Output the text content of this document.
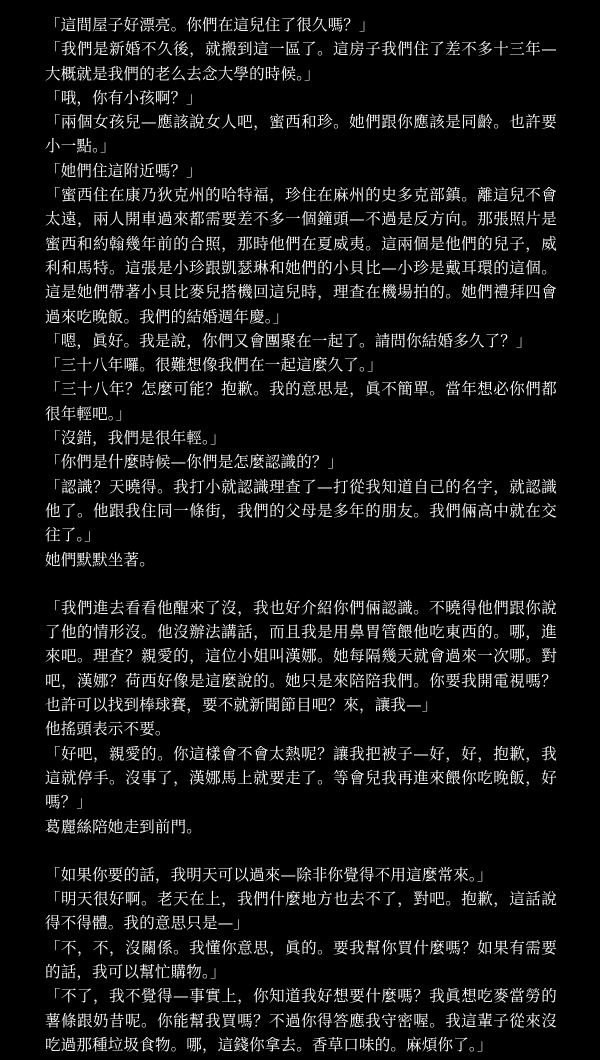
「這間屋子好漂亮。你們在這兒住了很久嗎？」

「我們是新婚不久後，就搬到這一區了。這房子我們住了差不多十三年—大概就是我們的老么去念大學的時候。」

「哦，你有小孩啊？」

「兩個女孩兒—應該說女人吧，蜜西和珍。她們跟你應該是同齡。也許要小一點。」

「她們住這附近嗎？」

「蜜西住在康乃狄克州的哈特福，珍住在麻州的史多克部鎮。離這兒不會太遠，兩人開車過來都需要差不多一個鐘頭—不過是反方向。那張照片是蜜西和約翰幾年前的合照，那時他們在夏威夷。這兩個是他們的兒子，威利和馬特。這張是小珍跟凱瑟琳和她們的小貝比—小珍是戴耳環的這個。這是她們帶著小貝比麥兒搭機回這兒時，理查在機場拍的。她們禮拜四會過來吃晚飯。我們的結婚週年慶。」

「嗯，眞好。我是說，你們又會團聚在一起了。請問你結婚多久了？」

「三十八年囉。很難想像我們在一起這麼久了。」

「三十八年？怎麼可能？抱歉。我的意思是，眞不簡單。當年想必你們都很年輕吧。」

「沒錯，我們是很年輕。」

「你們是什麼時候—你們是怎麼認識的？」

「認識？天曉得。我打小就認識理查了—打從我知道自己的名字，就認識他了。他跟我住同一條街，我們的父母是多年的朋友。我們倆高中就在交往了。」

她們默默坐著。

「我們進去看看他醒來了沒，我也好介紹你們倆認識。不曉得他們跟你說了他的情形沒。他沒辦法講話，而且我是用鼻胃管餵他吃東西的。哪，進來吧。理查？親愛的，這位小姐叫漢娜。她每隔幾天就會過來一次哪。對吧，漢娜？荷西好像是這麼說的。她只是來陪陪我們。你要我開電視嗎？也許可以找到棒球賽，要不就新聞節目吧？來，讓我—」

他搖頭表示不要。

「好吧，親愛的。你這樣會不會太熱呢？讓我把被子—好，好，抱歉，我這就停手。沒事了，漢娜馬上就要走了。等會兒我再進來餵你吃晚飯，好嗎？」

葛麗絲陪她走到前門。

「如果你要的話，我明天可以過來—除非你覺得不用這麼常來。」

「明天很好啊。老天在上，我們什麼地方也去不了，對吧。抱歉，這話說得不得體。我的意思只是—」

「不，不，沒關係。我懂你意思，眞的。要我幫你買什麼嗎？如果有需要的話，我可以幫忙購物。」

「不了，我不覺得—事實上，你知道我好想要什麼嗎？我眞想吃麥當勞的薯條跟奶昔呢。你能幫我買嗎？不過你得答應我守密喔。我這輩子從來沒吃過那種垃圾食物。哪，這錢你拿去。香草口味的。麻煩你了。」
